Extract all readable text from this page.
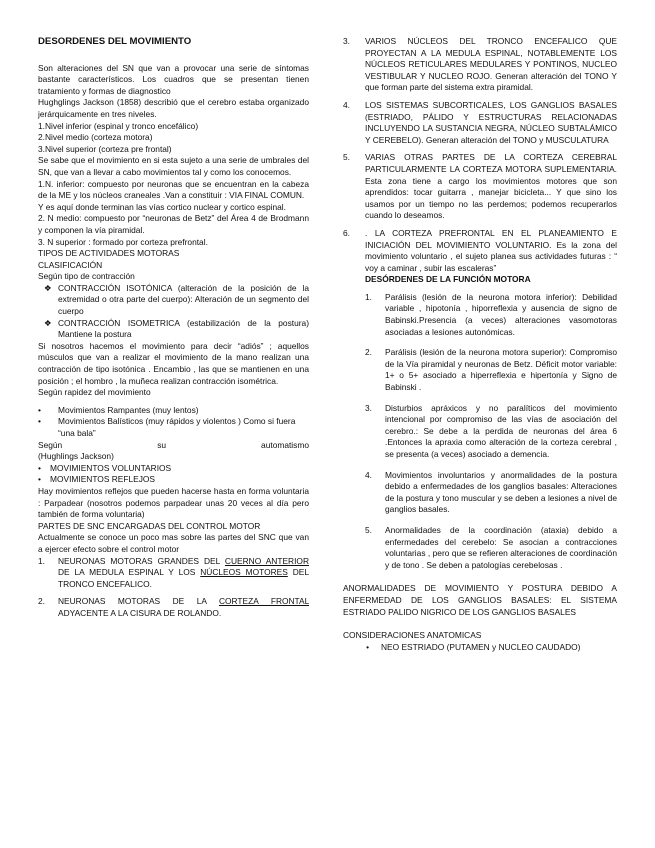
DESORDENES DEL MOVIMIENTO

Son alteraciones del SN que van a provocar una serie de síntomas bastante característicos. Los cuadros que se presentan tienen tratamiento y formas de diagnostico

Hughglings Jackson (1858) describió que el cerebro estaba organizado jerárquicamente en tres niveles.

1.Nivel inferior (espinal y tronco encefálico)

2.Nivel medio (corteza motora)

3.Nivel superior (corteza pre frontal)

Se sabe que el movimiento en si esta sujeto a una serie de umbrales del SN, que van a llevar a cabo movimientos tal y como los conocemos.

1.N. inferior: compuesto por neuronas que se encuentran en la cabeza de la ME y los núcleos craneales .Van a constituir : VIA FINAL COMUN.

Y es aquí donde terminan las vías cortico nuclear y cortico espinal.

2. N medio: compuesto por “neuronas de Betz” del Área 4 de Brodmann y componen la vía piramidal.

3. N superior : formado por corteza prefrontal.

TIPOS DE ACTIVIDADES MOTORAS

CLASIFICACIÓN

Según tipo de contracción

❖ CONTRACCIÓN ISOTÓNICA (alteración de la posición de la extremidad o otra parte del cuerpo): Alteración de un segmento del cuerpo
❖ CONTRACCIÓN ISOMETRICA (estabilización de la postura) Mantiene la postura

Si nosotros hacemos el movimiento para decir “adiós” ; aquellos músculos que van a realizar el movimiento de la mano realizan una contracción de tipo isotónica . Encambio , las que se mantienen en una posición ; el hombro , la muñeca realizan contracción isométrica.

Según rapidez del movimiento

•	Movimientos Rampantes (muy lentos)
•	Movimientos Balísticos (muy rápidos y violentos ) Como si fuera “una bala”
Según	su	automatismo

(Hughlings Jackson)

•	MOVIMIENTOS VOLUNTARIOS
•	MOVIMIENTOS REFLEJOS

Hay movimientos reflejos que pueden hacerse hasta en forma voluntaria : Parpadear (nosotros podemos parpadear unas 20 veces al día pero también de forma voluntaria)

PARTES DE SNC ENCARGADAS DEL CONTROL MOTOR

Actualmente se conoce un poco mas sobre las partes del SNC que van a ejercer efecto sobre el control motor

1.	NEURONAS MOTORAS GRANDES DEL CUERNO ANTERIOR DE LA MEDULA ESPINAL Y LOS NÚCLEOS MOTORES DEL TRONCO ENCEFALICO.
2.	NEURONAS MOTORAS DE LA CORTEZA FRONTAL ADYACENTE A LA CISURA DE ROLANDO.
3.	VARIOS NÚCLEOS DEL TRONCO ENCEFALICO QUE PROYECTAN A LA MEDULA ESPINAL, NOTABLEMENTE LOS NÚCLEOS RETICULARES MEDULARES Y PONTINOS, NUCLEO VESTIBULAR Y NUCLEO ROJO. Generan alteración del TONO Y que forman parte del sistema extra piramidal.
4.	LOS SISTEMAS SUBCORTICALES, LOS GANGLIOS BASALES (ESTRIADO, PÁLIDO Y ESTRUCTURAS RELACIONADAS INCLUYENDO LA SUSTANCIA NEGRA, NÚCLEO SUBTALÁMICO Y CEREBELO). Generan alteración del TONO y MUSCULATURA
5.	VARIAS OTRAS PARTES DE LA CORTEZA CEREBRAL PARTICULARMENTE LA CORTEZA MOTORA SUPLEMENTARIA. Esta zona tiene a cargo los movimientos motores que son aprendidos: tocar guitarra , manejar bicicleta... Y que sino los usamos por un tiempo no las perdemos; podemos recuperarlos cuando lo deseamos.
6.	. LA CORTEZA PREFRONTAL EN EL PLANEAMIENTO E INICIACIÓN DEL MOVIMIENTO VOLUNTARIO. Es la zona del movimiento voluntario , el sujeto planea sus actividades futuras : “ voy a caminar , subir las escaleras”

DESÓRDENES DE LA FUNCIÓN MOTORA

1.	Parálisis (lesión de la neurona motora inferior): Debilidad variable , hipotonía , hiporreflexia y ausencia de signo de Babinski.Presencia (a veces) alteraciones vasomotoras asociadas a lesiones autonómicas.
2.	Parálisis (lesión de la neurona motora superior): Compromiso de la Vía piramidal y neuronas de Betz. Déficit motor variable: 1+ o 5+ asociado a hiperreflexia e hipertonía y Signo de Babinski .
3.	Disturbios apráxicos y no paralíticos del movimiento intencional por compromiso de las vías de asociación del cerebro.: Se debe a la perdida de neuronas del área 6 .Entonces la apraxia como alteración de la corteza cerebral , se presenta (a veces) asociado a demencia.
4.	Movimientos involuntarios y anormalidades de la postura debido a enfermedades de los ganglios basales: Alteraciones de la postura y tono muscular y se deben a lesiones a nivel de ganglios basales.
5.	Anormalidades de la coordinación (ataxia) debido a enfermedades del cerebelo: Se asocian a contracciones voluntarias , pero que se refieren alteraciones de coordinación y de tono . Se deben a patologías cerebelosas .

ANORMALIDADES DE MOVIMIENTO Y POSTURA DEBIDO A ENFERMEDAD DE LOS GANGLIOS BASALES: EL SISTEMA ESTRIADO PALIDO NIGRICO DE LOS GANGLIOS BASALES

CONSIDERACIONES ANATOMICAS

•	NEO ESTRIADO (PUTAMEN y NUCLEO CAUDADO)
